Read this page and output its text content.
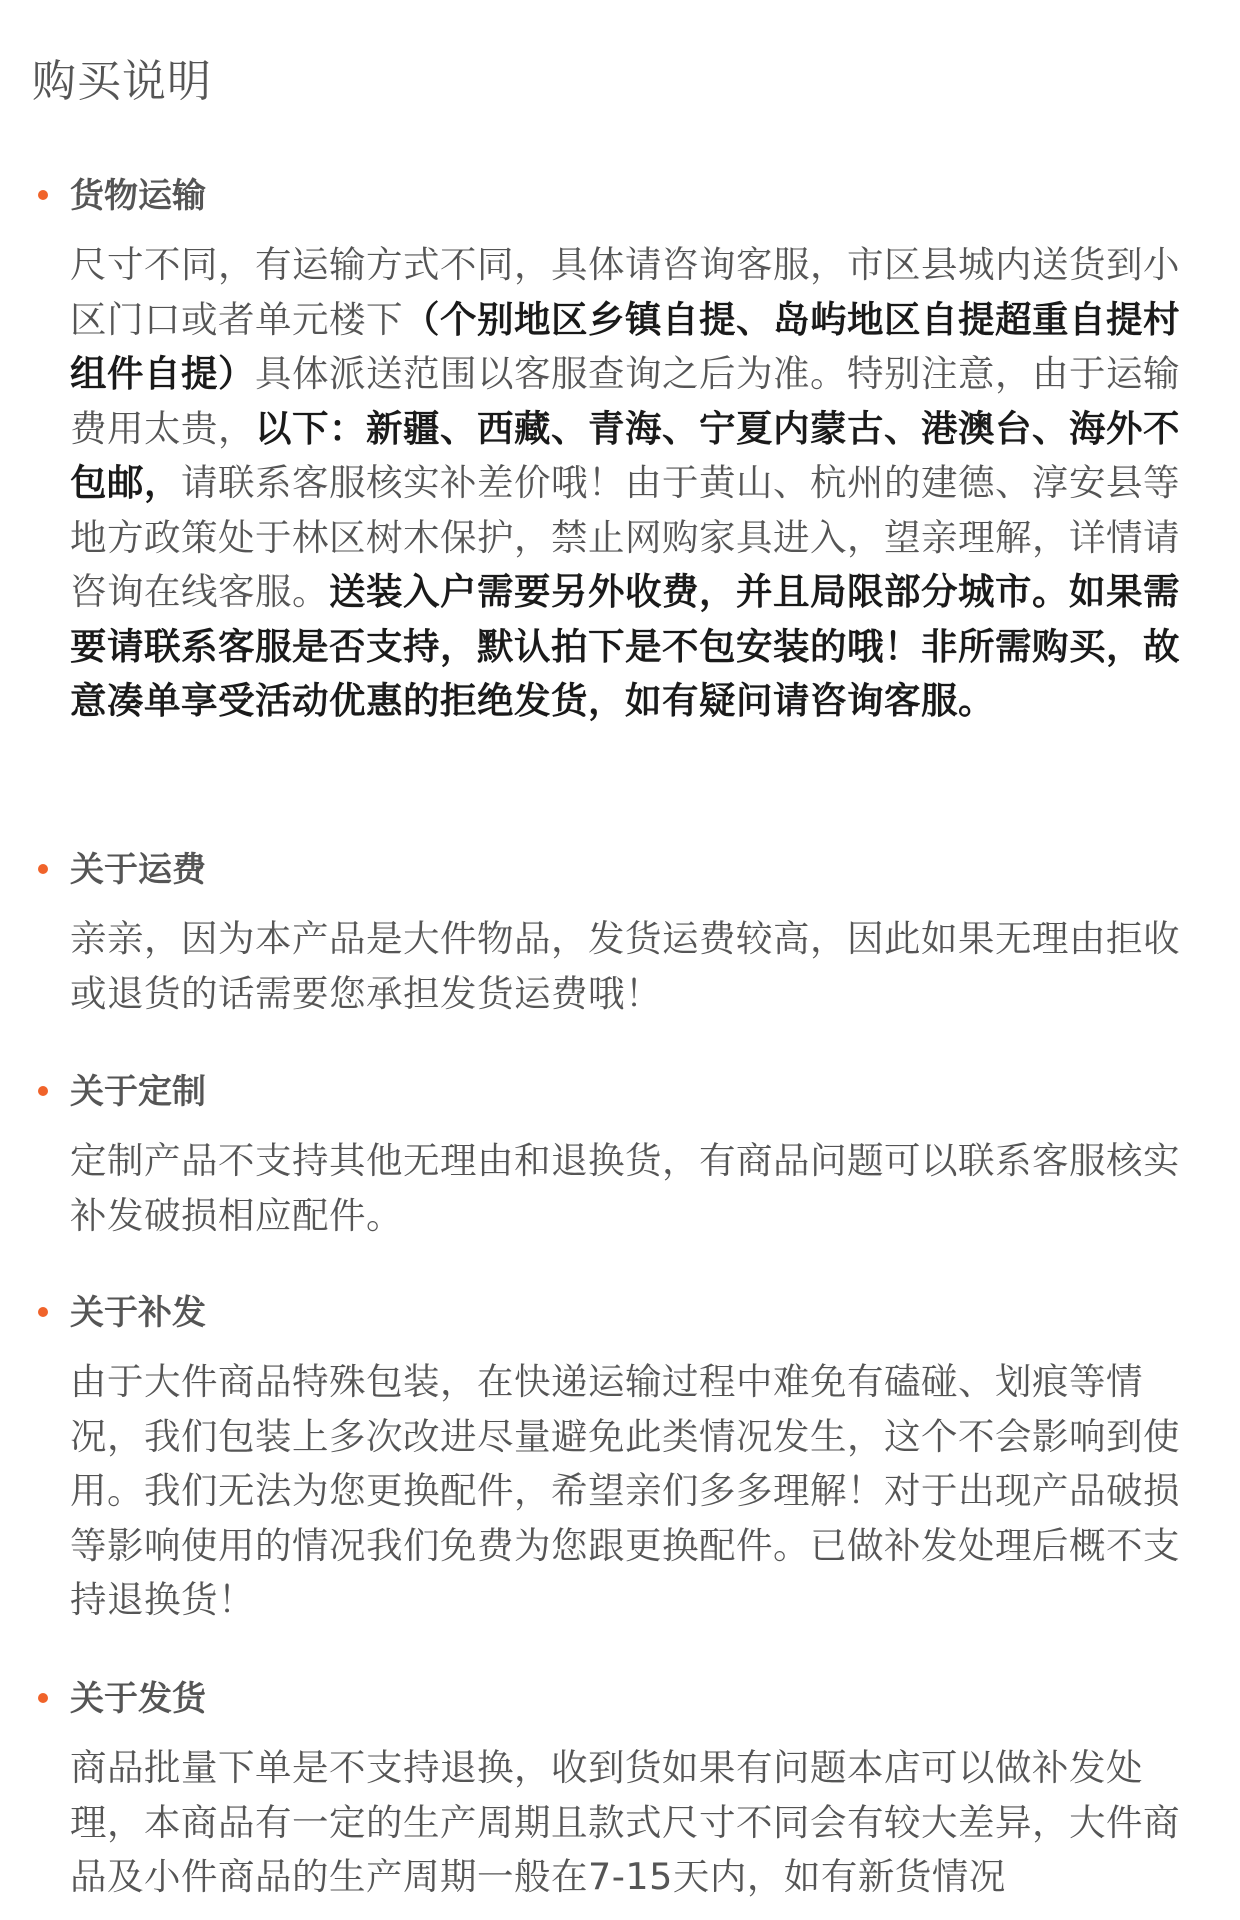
购买说明
货物运输
尺寸不同，有运输方式不同，具体请咨询客服，市区县城内送货到小区门口或者单元楼下（个别地区乡镇自提、岛屿地区自提超重自提村组件自提）具体派送范围以客服查询之后为准。特别注意，由于运输费用太贵，以下：新疆、西藏、青海、宁夏内蒙古、港澳台、海外不包邮，请联系客服核实补差价哦！由于黄山、杭州的建德、淳安县等地方政策处于林区树木保护，禁止网购家具进入，望亲理解，详情请咨询在线客服。送装入户需要另外收费，并且局限部分城市。如果需要请联系客服是否支持，默认拍下是不包安装的哦！非所需购买，故意凑单享受活动优惠的拒绝发货，如有疑问请咨询客服。
关于运费
亲亲，因为本产品是大件物品，发货运费较高，因此如果无理由拒收或退货的话需要您承担发货运费哦！
关于定制
定制产品不支持其他无理由和退换货，有商品问题可以联系客服核实补发破损相应配件。
关于补发
由于大件商品特殊包装，在快递运输过程中难免有磕碰、划痕等情况，我们包装上多次改进尽量避免此类情况发生，这个不会影响到使用。我们无法为您更换配件，希望亲们多多理解！对于出现产品破损等影响使用的情况我们免费为您跟更换配件。已做补发处理后概不支持退换货！
关于发货
商品批量下单是不支持退换，收到货如果有问题本店可以做补发处理，本商品有一定的生产周期且款式尺寸不同会有较大差异，大件商品及小件商品的生产周期一般在7-15天内，如有新货情况
